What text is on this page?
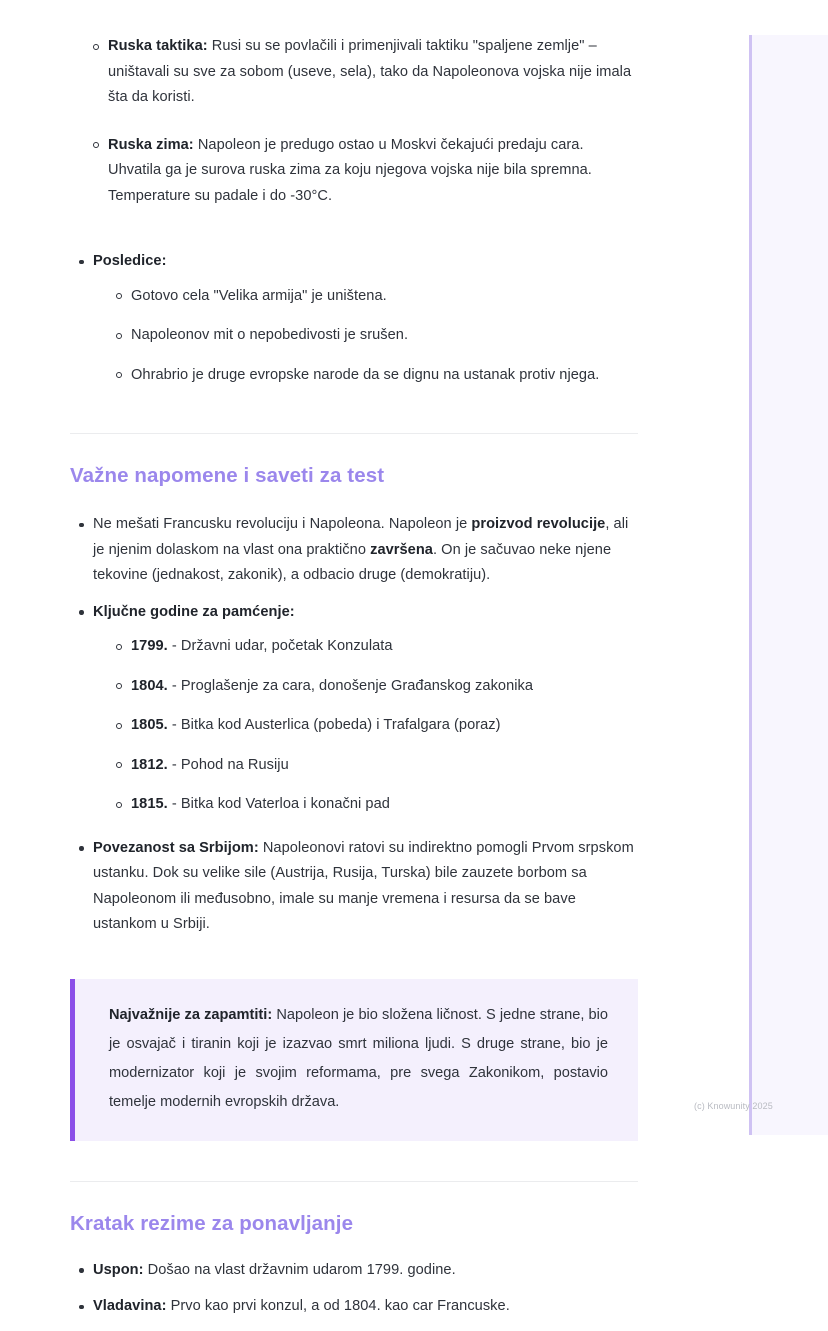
Ruska taktika: Rusi su se povlačili i primenjivali taktiku "spaljene zemlje" – uništavali su sve za sobom (useve, sela), tako da Napoleonova vojska nije imala šta da koristi.
Ruska zima: Napoleon je predugo ostao u Moskvi čekajući predaju cara. Uhvatila ga je surova ruska zima za koju njegova vojska nije bila spremna. Temperature su padale i do -30°C.
Posledice:
Gotovo cela "Velika armija" je uništena.
Napoleonov mit o nepobedivosti je srušen.
Ohrabrio je druge evropske narode da se dignu na ustanak protiv njega.
Važne napomene i saveti za test
Ne mešati Francusku revoluciju i Napoleona. Napoleon je proizvod revolucije, ali je njenim dolaskom na vlast ona praktično završena. On je sačuvao neke njene tekovine (jednakost, zakonik), a odbacio druge (demokratiju).
Ključne godine za pamćenje:
1799. - Državni udar, početak Konzulata
1804. - Proglašenje za cara, donošenje Građanskog zakonika
1805. - Bitka kod Austerlica (pobeda) i Trafalgara (poraz)
1812. - Pohod na Rusiju
1815. - Bitka kod Vaterloa i konačni pad
Povezanost sa Srbijom: Napoleonovi ratovi su indirektno pomogli Prvom srpskom ustanku. Dok su velike sile (Austrija, Rusija, Turska) bile zauzete borbom sa Napoleonom ili međusobno, imale su manje vremena i resursa da se bave ustankom u Srbiji.

Najvažnije za zapamtiti: Napoleon je bio složena ličnost. S jedne strane, bio je osvajač i tiranin koji je izazvao smrt miliona ljudi. S druge strane, bio je modernizator koji je svojim reformama, pre svega Zakonikom, postavio temelje modernih evropskih država.

Kratak rezime za ponavljanje
Uspon: Došao na vlast državnim udarom 1799. godine.
Vladavina: Prvo kao prvi konzul, a od 1804. kao car Francuske.
(c) Knowunity 2025
